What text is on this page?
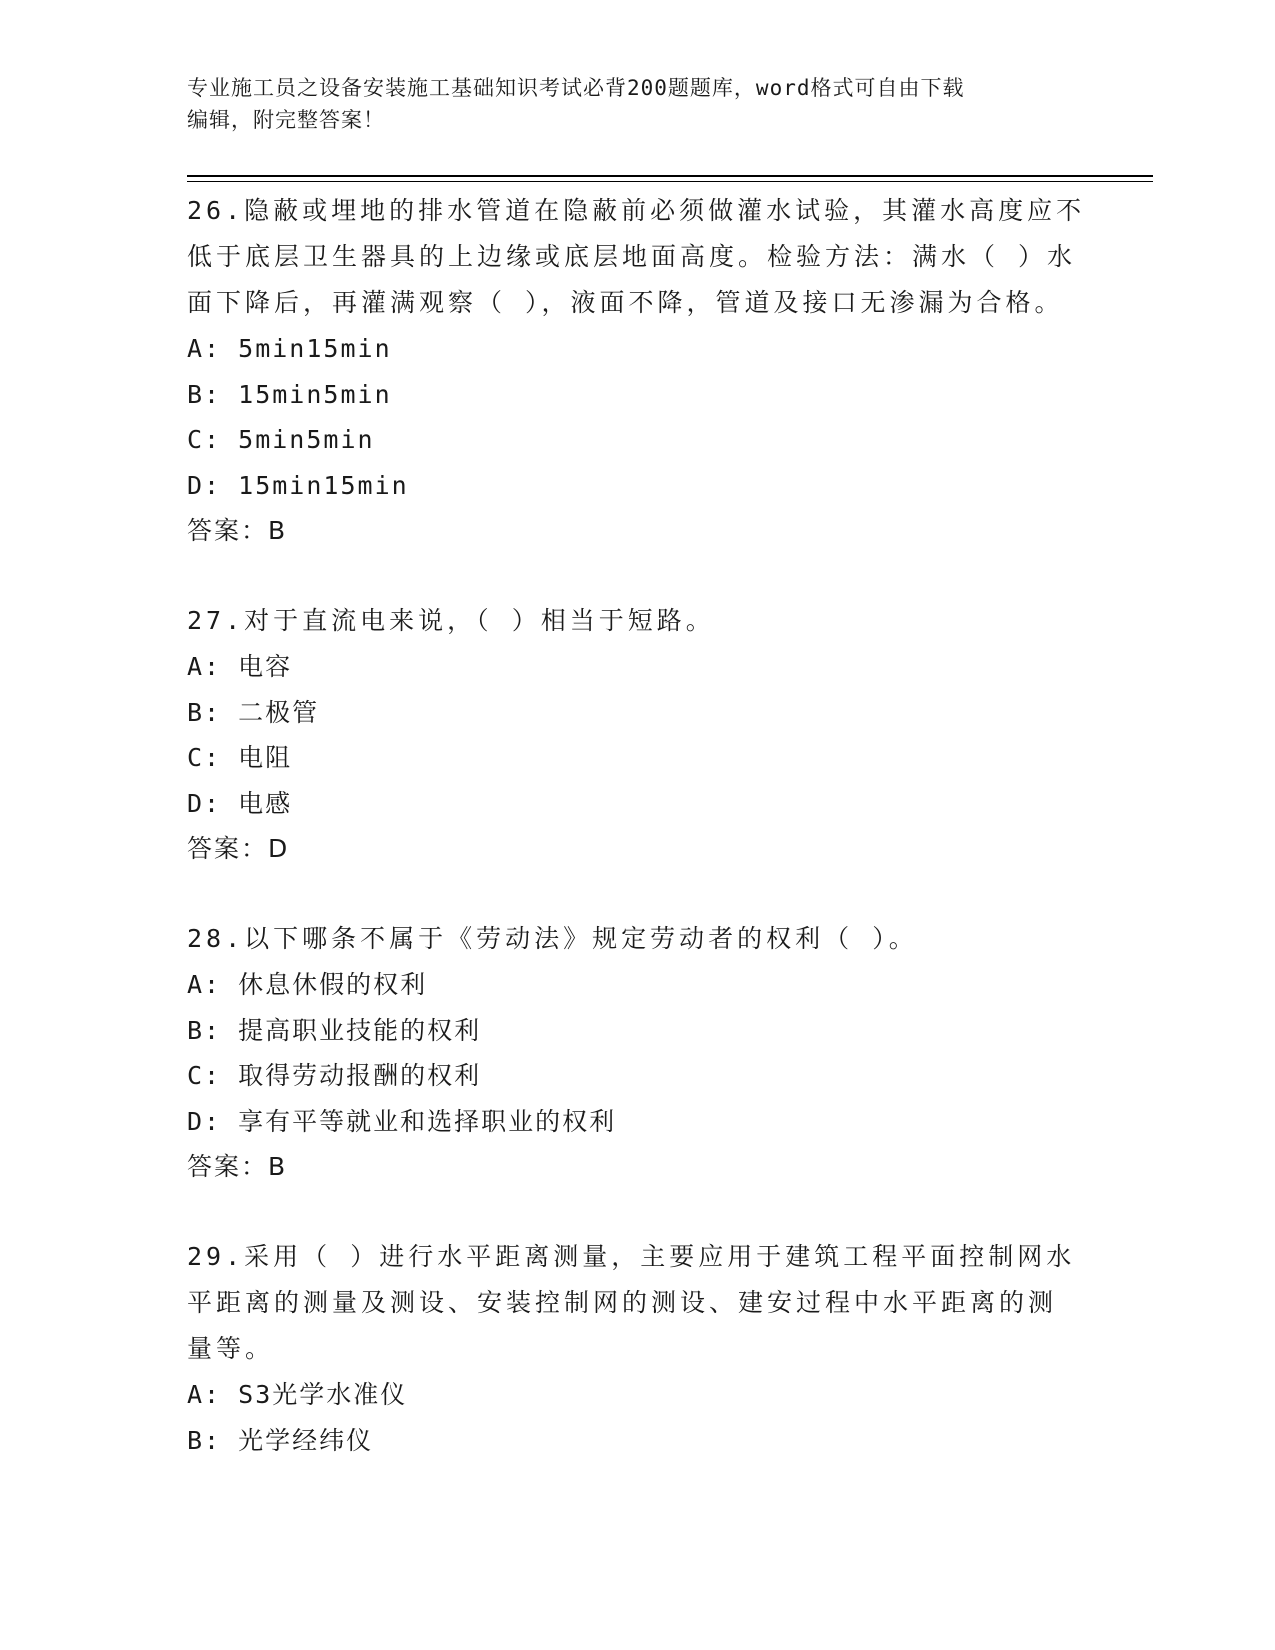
专业施工员之设备安装施工基础知识考试必背200题题库，word格式可自由下载
编辑，附完整答案！
26.隐蔽或埋地的排水管道在隐蔽前必须做灌水试验，其灌水高度应不
低于底层卫生器具的上边缘或底层地面高度。检验方法：满水（ ）水
面下降后，再灌满观察（ ），液面不降，管道及接口无渗漏为合格。
A: 5min15min
B: 15min5min
C: 5min5min
D: 15min15min
答案：B
27.对于直流电来说，（ ）相当于短路。
A: 电容
B: 二极管
C: 电阻
D: 电感
答案：D
28.以下哪条不属于《劳动法》规定劳动者的权利（ ）。
A: 休息休假的权利
B: 提高职业技能的权利
C: 取得劳动报酬的权利
D: 享有平等就业和选择职业的权利
答案：B
29.采用（ ）进行水平距离测量，主要应用于建筑工程平面控制网水
平距离的测量及测设、安装控制网的测设、建安过程中水平距离的测
量等。
A: S3光学水准仪
B: 光学经纬仪
